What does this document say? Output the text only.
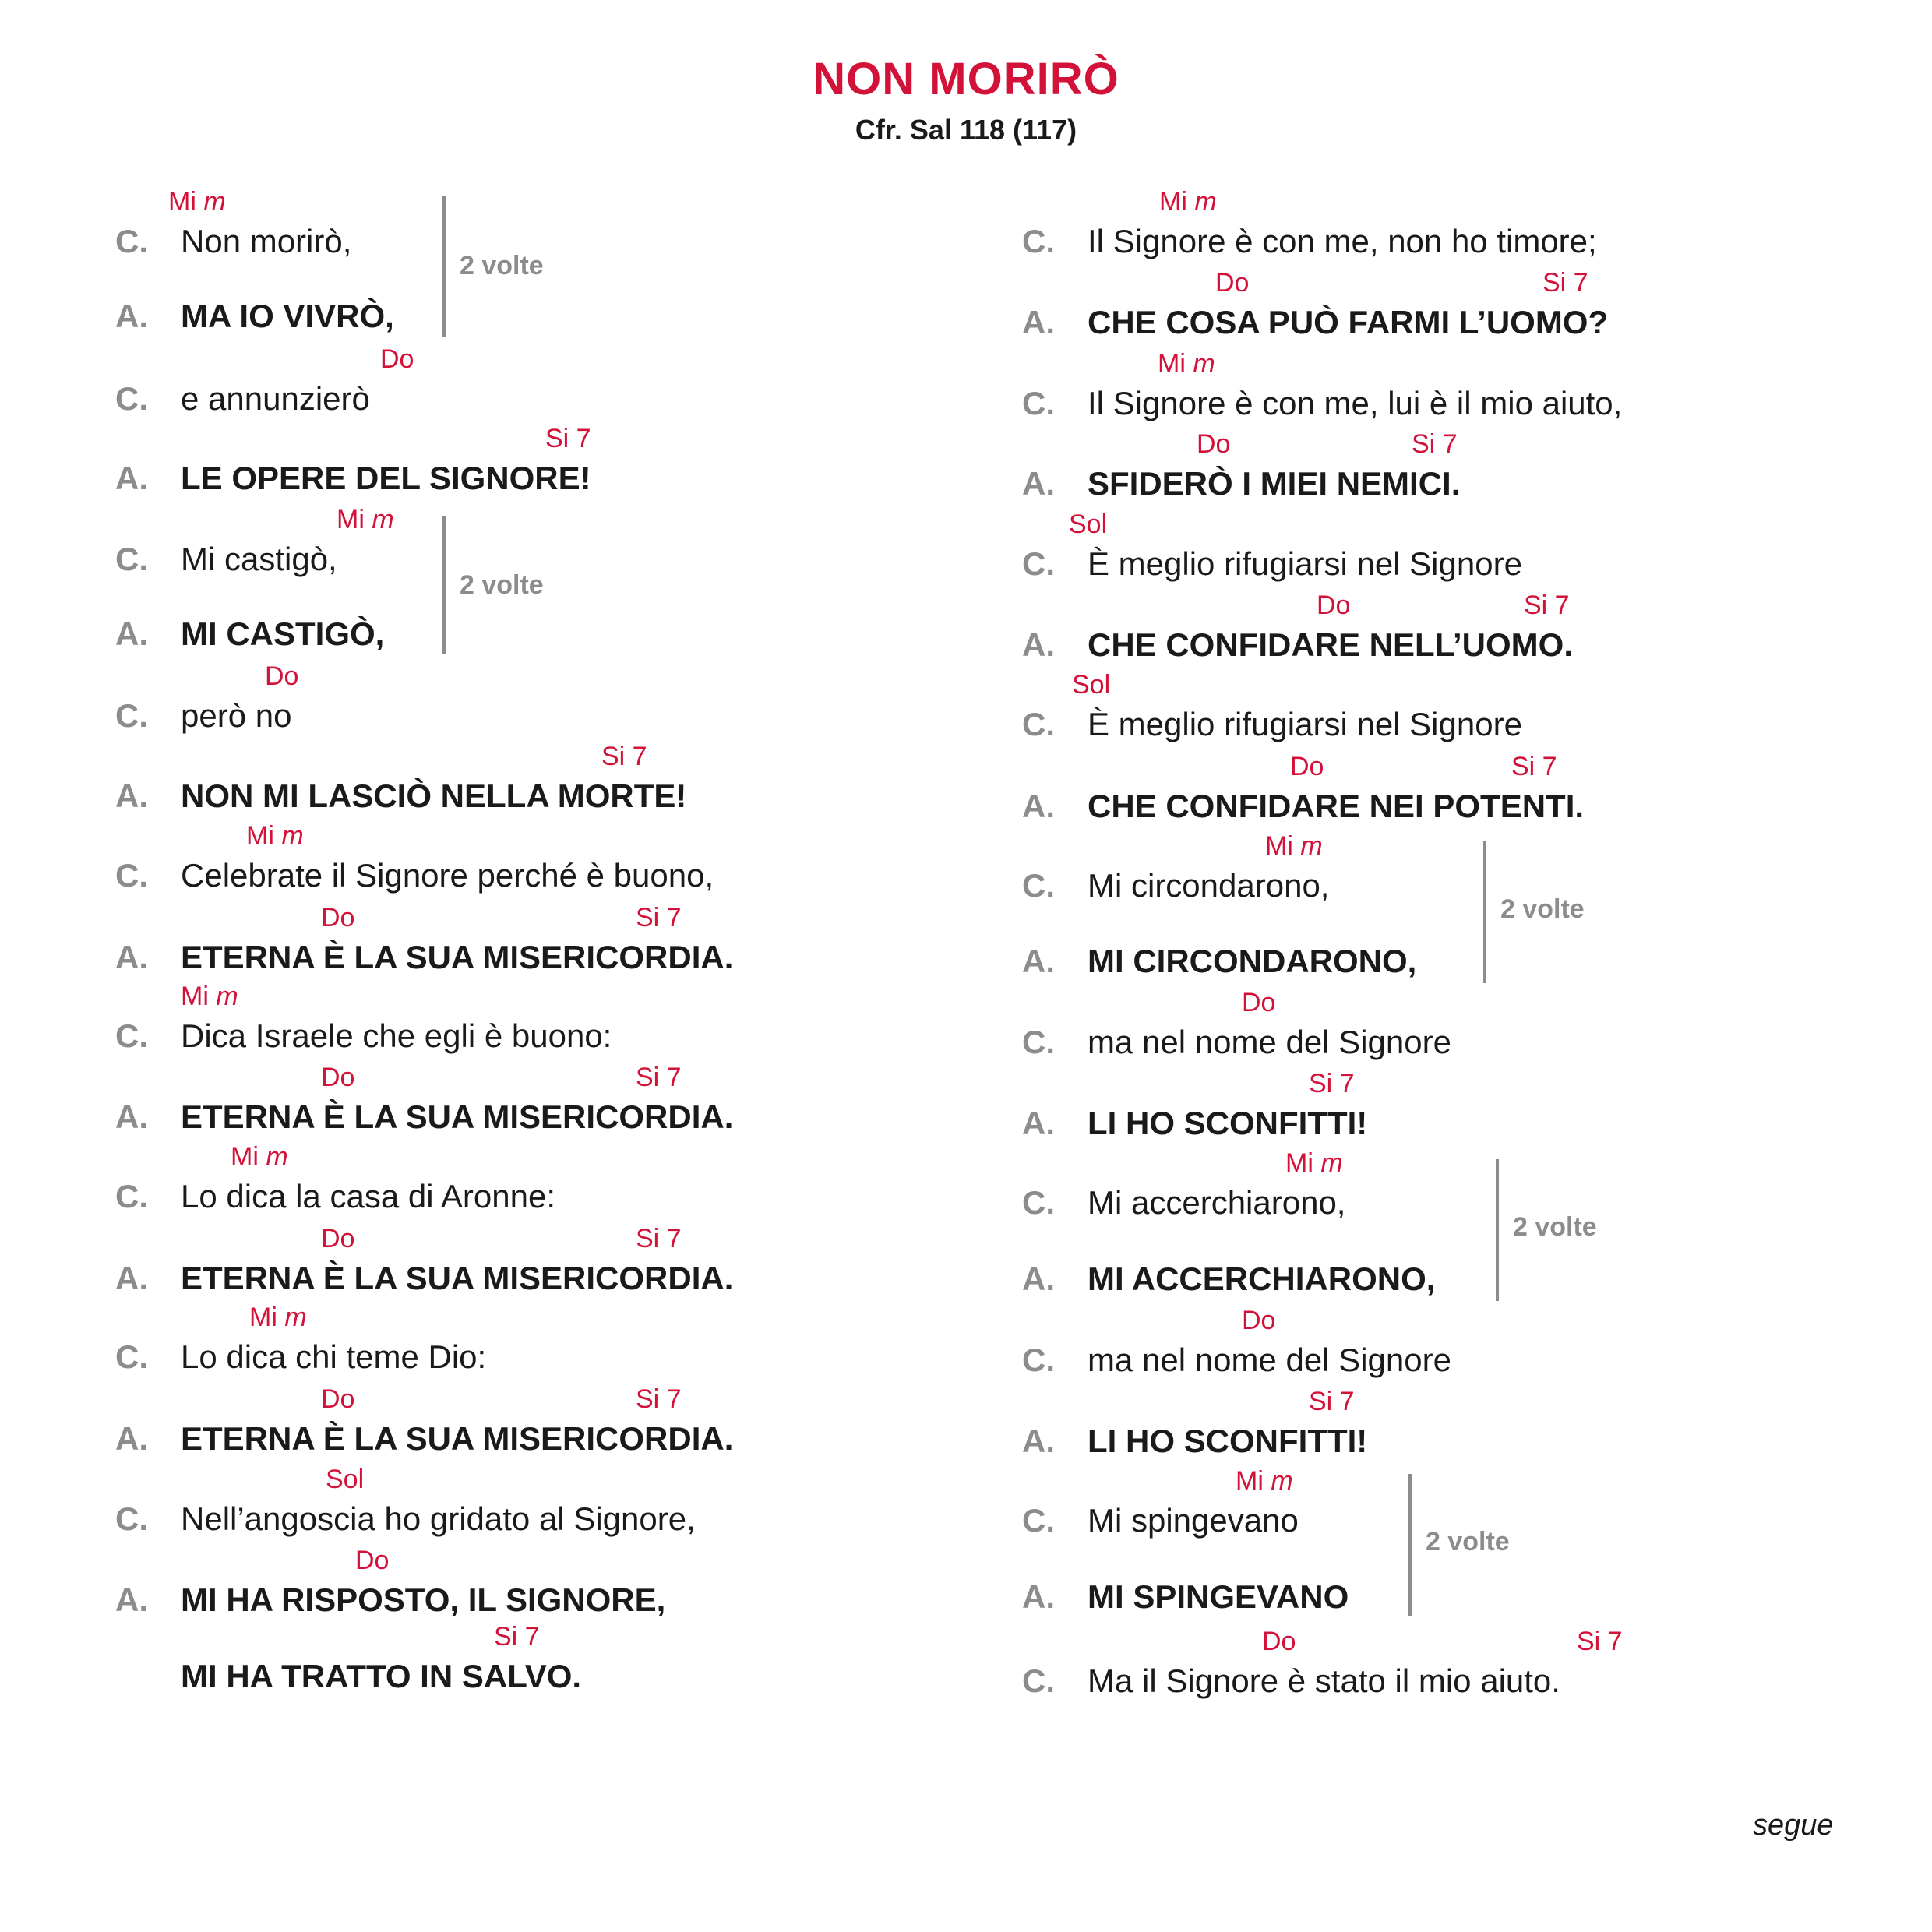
NON MORIRÒ
Cfr. Sal 118 (117)
C.
Mi m
Non morirò,
A.	MA IO VIVRÒ,
C.
Do
e annunzierò
A.
Si 7
LE OPERE DEL SIGNORE!
C.
Mi m
Mi castigò,
A.	MI CASTIGÒ,
C.
Do
però no
A.
Si 7
NON MI LASCIÒ NELLA MORTE!
C.
Mi m
Celebrate il Signore perché è buono,
A.
Do	Si 7
ETERNA È LA SUA MISERICORDIA.
C.
Mi m
Dica Israele che egli è buono:
A.
Do	Si 7
ETERNA È LA SUA MISERICORDIA.
C.
Mi m
Lo dica la casa di Aronne:
A.
Do	Si 7
ETERNA È LA SUA MISERICORDIA.
C.
Mi m
Lo dica chi teme Dio:
A.
Do	Si 7
ETERNA È LA SUA MISERICORDIA.
C.
Sol
Nell’angoscia ho gridato al Signore,
A.
Do
MI HA RISPOSTO, IL SIGNORE,
Si 7
MI HA TRATTO IN SALVO.
2 volte
2 volte
C.
Mi m
Il Signore è con me, non ho timore;
A.
Do	Si 7
CHE COSA PUÒ FARMI L’UOMO?
C.
Mi m
Il Signore è con me, lui è il mio aiuto,
A.
Do	Si 7
SFIDERÒ I MIEI NEMICI.
C.
Sol
È meglio rifugiarsi nel Signore
A.
Do	Si 7
CHE CONFIDARE NELL’UOMO.
C.
Sol
È meglio rifugiarsi nel Signore
A.
Do	Si 7
CHE CONFIDARE NEI POTENTI.
C.
Mi m
Mi circondarono,
A.	MI CIRCONDARONO,
C.
Do
ma nel nome del Signore
A.
Si 7
LI HO SCONFITTI!
C.
Mi m
Mi accerchiarono,
A.	MI ACCERCHIARONO,
C.
Do
ma nel nome del Signore
A.
Si 7
LI HO SCONFITTI!
C.
Mi m
Mi spingevano
A.	MI SPINGEVANO
C.
Do	Si 7
Ma il Signore è stato il mio aiuto.
2 volte
2 volte
2 volte
segue
